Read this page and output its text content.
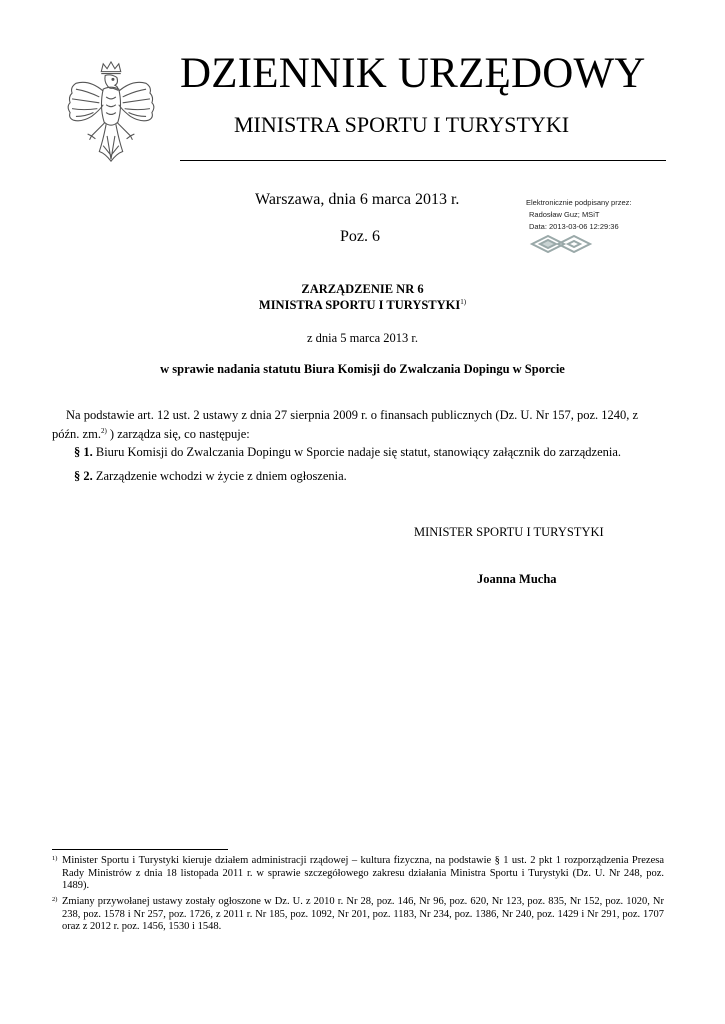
DZIENNIK URZĘDOWY
MINISTRA SPORTU I TURYSTYKI
Warszawa, dnia 6 marca 2013 r.
Poz. 6
Elektronicznie podpisany przez:
Radosław Guz; MSiT
Data: 2013-03-06 12:29:36
ZARZĄDZENIE NR 6
MINISTRA SPORTU I TURYSTYKI$^{1)}$
z dnia 5 marca 2013 r.
w sprawie nadania statutu Biura Komisji do Zwalczania Dopingu w Sporcie
Na podstawie art. 12 ust. 2 ustawy z dnia 27 sierpnia 2009 r. o finansach publicznych (Dz. U. Nr 157, poz. 1240, z późn. zm.$^{2)}$ ) zarządza się, co następuje:
§ 1. Biuru Komisji do Zwalczania Dopingu w Sporcie nadaje się statut, stanowiący załącznik do zarządzenia.
§ 2. Zarządzenie wchodzi w życie z dniem ogłoszenia.
MINISTER SPORTU I TURYSTYKI
Joanna Mucha
1) Minister Sportu i Turystyki kieruje działem administracji rządowej – kultura fizyczna, na podstawie § 1 ust. 2 pkt 1 rozporządzenia Prezesa Rady Ministrów z dnia 18 listopada 2011 r. w sprawie szczegółowego zakresu działania Ministra Sportu i Turystyki (Dz. U. Nr 248, poz. 1489).
2) Zmiany przywołanej ustawy zostały ogłoszone w Dz. U. z 2010 r. Nr 28, poz. 146, Nr 96, poz. 620, Nr 123, poz. 835, Nr 152, poz. 1020, Nr 238, poz. 1578 i Nr 257, poz. 1726, z 2011 r. Nr 185, poz. 1092, Nr 201, poz. 1183, Nr 234, poz. 1386, Nr 240, poz. 1429 i Nr 291, poz. 1707 oraz z 2012 r. poz. 1456, 1530 i 1548.
